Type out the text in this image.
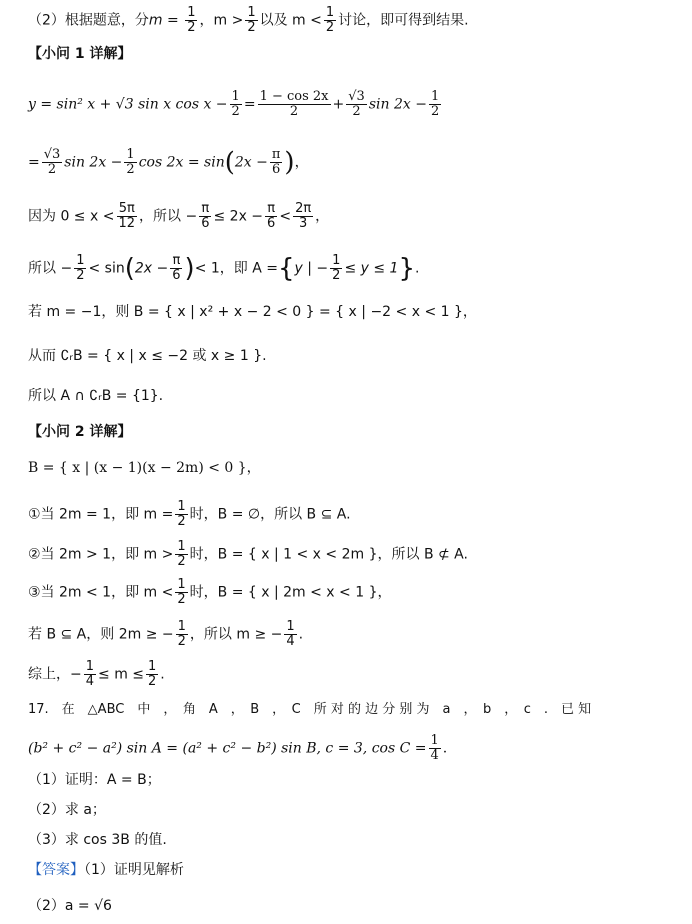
（2）根据题意，分$m = \frac{1}{2}$ ，$m > \frac{1}{2}$ 以及 $m < \frac{1}{2}$ 讨论，即可得到结果.
【小问 1 详解】
y = sin² x + √3 sin x $\cos x - \frac{1}{2} = \frac{1 - \cos 2x}{2} + \frac{√3}{2}$ $\sin 2x - \frac{1}{2}$
= $\frac{√3}{2}$ $\sin 2x - \frac{1}{2}$ $\cos 2x = \sin(2x - \frac{\pi}{6}$ )，
因为 $0 \le x < \frac{5\pi}{12}$ ，所以 − $\frac{\pi}{6} \le 2x - \frac{\pi}{6} < \frac{2\pi}{3}$ ，
所以 − $\frac{1}{2} < \sin(2x - \frac{\pi}{6}$ )< 1，即 A ={y | − $\frac{1}{2} \le y \le 1$}.
若 m = −1，则 B = { x | x² + x − 2 < 0 } = { x | −2 < x < 1 }，
从而 ∁ᵣB = { x | x ≤ −2 或 x ≥ 1 }.
所以 A ∩ ∁ᵣB = {1}.
【小问 2 详解】
B = { x | (x − 1)(x − 2m) < 0 }，
①当 2m = 1，即 $m = \frac{1}{2}$ 时，B = ∅，所以 B ⊆ A.
②当 2m > 1，即 $m > \frac{1}{2}$ 时，B = { x | 1 < x < 2m }，所以 B ⊄ A.
③当 2m < 1，即 $m < \frac{1}{2}$ 时，B = { x | 2m < x < 1 }，
若 B ⊆ A，则 2m ≥ − $\frac{1}{2}$ ，所以 m ≥ − $\frac{1}{4}$ .
综上，− $\frac{1}{4} \le m \le \frac{1}{2}$ .
17.　在　△ABC　中　，　角　A　，　B　，　C　所 对 的 边 分 别 为　a　，　b　，　c　.　已 知
(b² + c² − a²) sin A = (a² + c² − b²) sin B, c = 3, $\cos C = \frac{1}{4}$ .
（1）证明：A = B；
（2）求 a；
（3）求 cos 3B 的值.
【答案】（1）证明见解析
（2）a = √6
